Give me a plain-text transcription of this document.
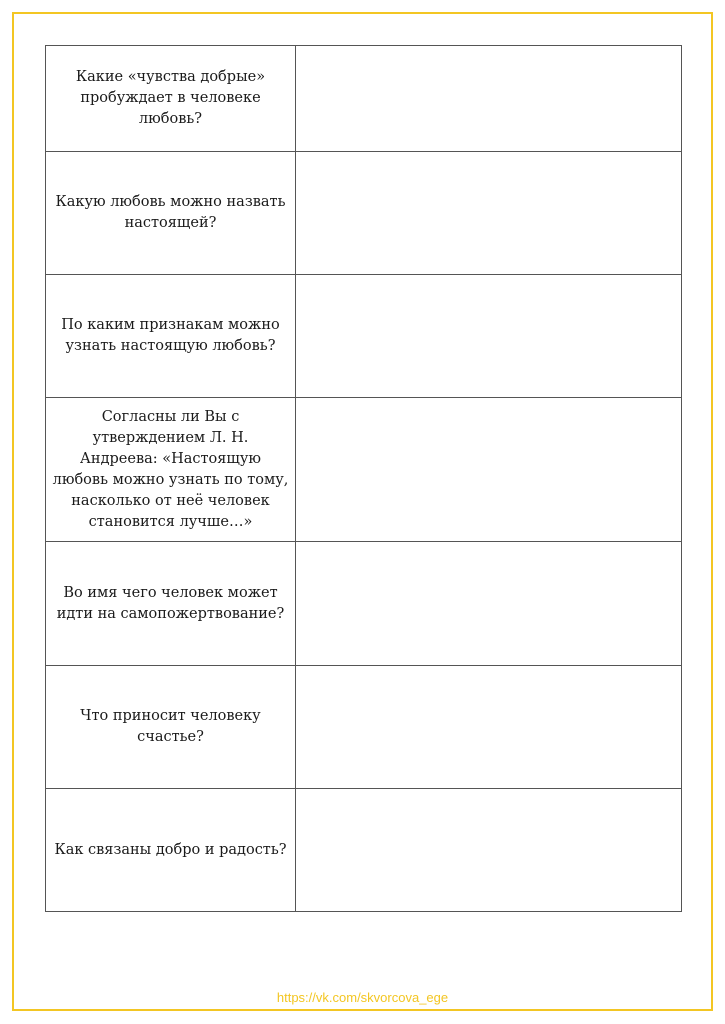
Какие «чувства добрые» пробуждает в человеке любовь?	
Какую любовь можно назвать настоящей?	
По каким признакам можно узнать настоящую любовь?	
Согласны ли Вы с утверждением Л. Н. Андреева: «Настоящую любовь можно узнать по тому, насколько от неё человек становится лучше…»	
Во имя чего человек может идти на самопожертвование?	
Что приносит человеку счастье?	
Как связаны добро и радость?	
https://vk.com/skvorcova_ege
